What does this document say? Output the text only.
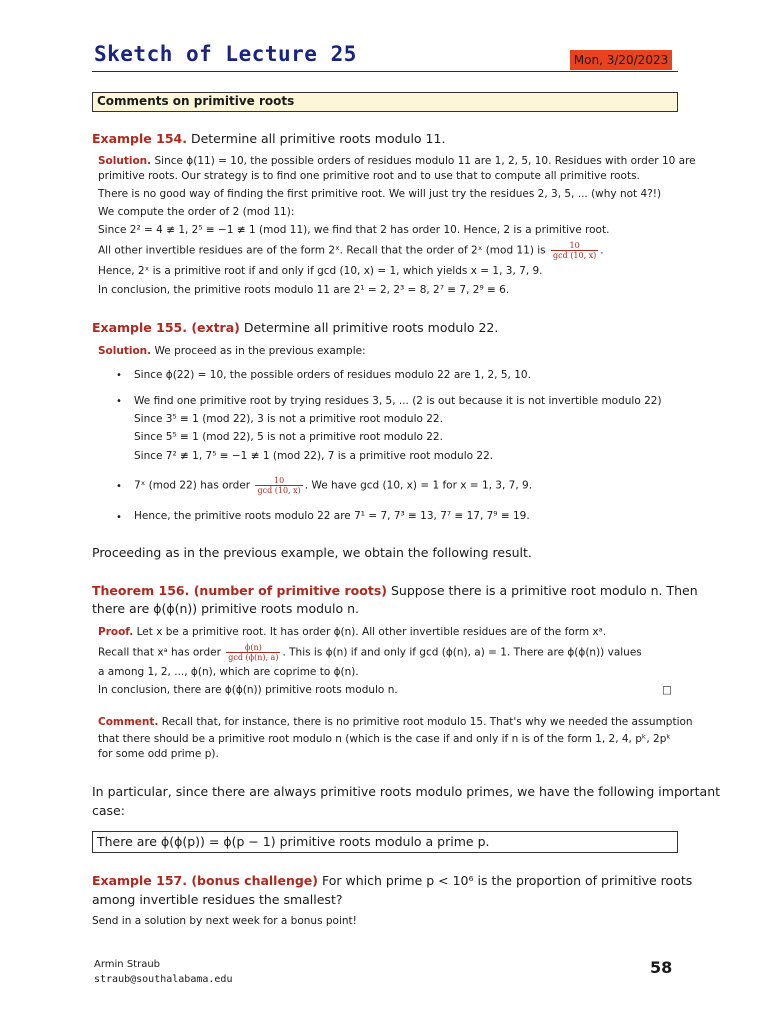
Sketch of Lecture 25	Mon, 3/20/2023
Comments on primitive roots
Example 154. Determine all primitive roots modulo 11.
Solution. Since ϕ(11) = 10, the possible orders of residues modulo 11 are 1, 2, 5, 10. Residues with order 10 are
primitive roots. Our strategy is to find one primitive root and to use that to compute all primitive roots.
There is no good way of finding the first primitive root. We will just try the residues 2, 3, 5, ... (why not 4?!)
We compute the order of 2 (mod 11):
Since 2² = 4 ≢ 1, 2⁵ ≡ −1 ≢ 1 (mod 11), we find that 2 has order 10. Hence, 2 is a primitive root.
All other invertible residues are of the form 2ˣ. Recall that the order of 2ˣ (mod 11) is $\frac{10}{\gcd (10, x)}$ .
Hence, 2ˣ is a primitive root if and only if gcd (10, x) = 1, which yields x = 1, 3, 7, 9.
In conclusion, the primitive roots modulo 11 are 2¹ = 2, 2³ = 8, 2⁷ ≡ 7, 2⁹ ≡ 6.
Example 155. (extra) Determine all primitive roots modulo 22.
Solution. We proceed as in the previous example:
• Since ϕ(22) = 10, the possible orders of residues modulo 22 are 1, 2, 5, 10.
• We find one primitive root by trying residues 3, 5, ... (2 is out because it is not invertible modulo 22)
Since 3⁵ ≡ 1 (mod 22), 3 is not a primitive root modulo 22.
Since 5⁵ ≡ 1 (mod 22), 5 is not a primitive root modulo 22.
Since 7² ≢ 1, 7⁵ ≡ −1 ≢ 1 (mod 22), 7 is a primitive root modulo 22.
• 7ˣ (mod 22) has order $\frac{10}{\gcd (10, x)}$ . We have gcd (10, x) = 1 for x = 1, 3, 7, 9.
• Hence, the primitive roots modulo 22 are 7¹ = 7, 7³ ≡ 13, 7⁷ ≡ 17, 7⁹ ≡ 19.
Proceeding as in the previous example, we obtain the following result.
Theorem 156. (number of primitive roots) Suppose there is a primitive root modulo n. Then
there are ϕ(ϕ(n)) primitive roots modulo n.
Proof. Let x be a primitive root. It has order ϕ(n). All other invertible residues are of the form xᵃ.
Recall that xᵃ has order $\frac{\phi(n)}{\gcd (\phi(n), a)}$ . This is ϕ(n) if and only if gcd (ϕ(n), a) = 1. There are ϕ(ϕ(n)) values
a among 1, 2, ..., ϕ(n), which are coprime to ϕ(n).
In conclusion, there are ϕ(ϕ(n)) primitive roots modulo n.	□
Comment. Recall that, for instance, there is no primitive root modulo 15. That's why we needed the assumption
that there should be a primitive root modulo n (which is the case if and only if n is of the form 1, 2, 4, pᵏ, 2pᵏ
for some odd prime p).
In particular, since there are always primitive roots modulo primes, we have the following important
case:
There are ϕ(ϕ(p)) = ϕ(p − 1) primitive roots modulo a prime p.
Example 157. (bonus challenge) For which prime p < 10⁶ is the proportion of primitive roots
among invertible residues the smallest?
Send in a solution by next week for a bonus point!
Armin Straub
straub@southalabama.edu
58
